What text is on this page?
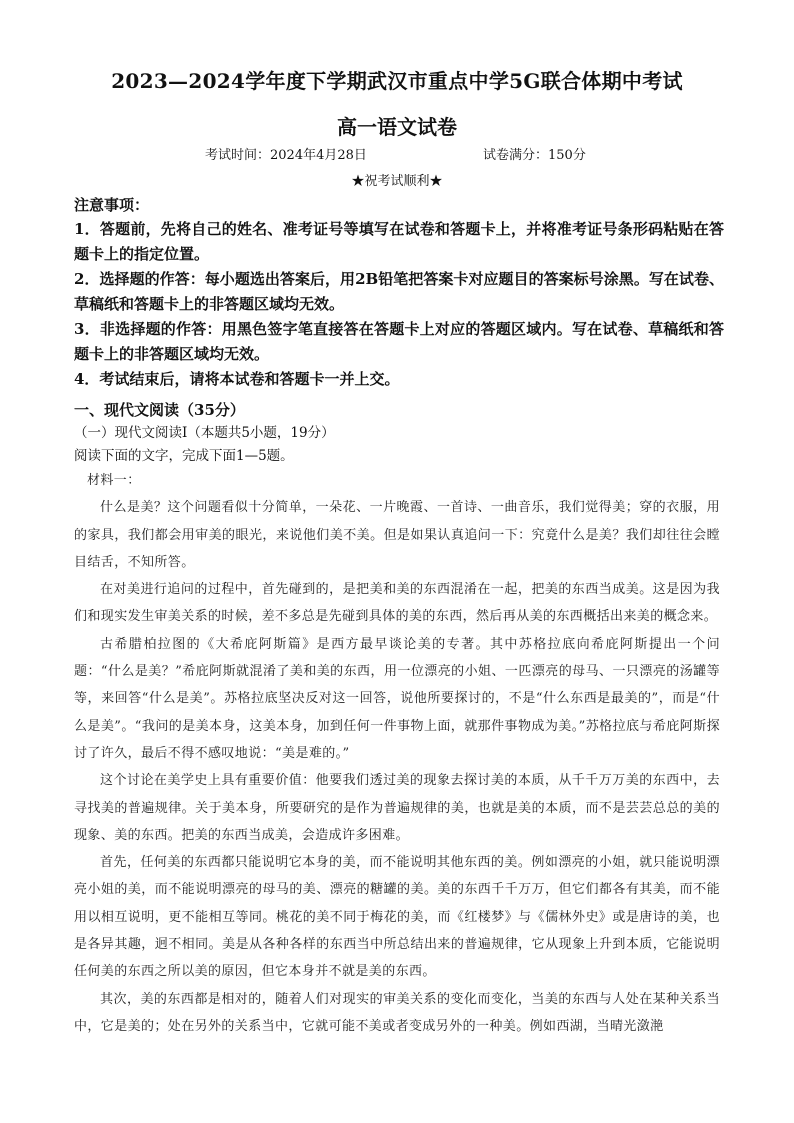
2023—2024学年度下学期武汉市重点中学5G联合体期中考试
高一语文试卷
考试时间：2024年4月28日	试卷满分：150分
★祝考试顺利★
注意事项：
1．答题前，先将自己的姓名、准考证号等填写在试卷和答题卡上，并将准考证号条形码粘贴在答题卡上的指定位置。
2．选择题的作答：每小题选出答案后，用2B铅笔把答案卡对应题目的答案标号涂黑。写在试卷、草稿纸和答题卡上的非答题区域均无效。
3．非选择题的作答：用黑色签字笔直接答在答题卡上对应的答题区域内。写在试卷、草稿纸和答题卡上的非答题区域均无效。
4．考试结束后，请将本试卷和答题卡一并上交。
一、现代文阅读（35分）
（一）现代文阅读Ⅰ（本题共5小题，19分）
阅读下面的文字，完成下面1—5题。

材料一：

什么是美？这个问题看似十分简单，一朵花、一片晚霞、一首诗、一曲音乐，我们觉得美；穿的衣服，用的家具，我们都会用审美的眼光，来说他们美不美。但是如果认真追问一下：究竟什么是美？我们却往往会瞠目结舌，不知所答。

在对美进行追问的过程中，首先碰到的，是把美和美的东西混淆在一起，把美的东西当成美。这是因为我们和现实发生审美关系的时候，差不多总是先碰到具体的美的东西，然后再从美的东西概括出来美的概念来。

古希腊柏拉图的《大希庇阿斯篇》是西方最早谈论美的专著。其中苏格拉底向希庇阿斯提出一个问题：“什么是美？”希庇阿斯就混淆了美和美的东西，用一位漂亮的小姐、一匹漂亮的母马、一只漂亮的汤罐等等，来回答“什么是美”。苏格拉底坚决反对这一回答，说他所要探讨的，不是“什么东西是最美的”，而是“什么是美”。“我问的是美本身，这美本身，加到任何一件事物上面，就那件事物成为美。”苏格拉底与希庇阿斯探讨了许久，最后不得不感叹地说：“美是难的。”

这个讨论在美学史上具有重要价值：他要我们透过美的现象去探讨美的本质，从千千万万美的东西中，去寻找美的普遍规律。关于美本身，所要研究的是作为普遍规律的美，也就是美的本质，而不是芸芸总总的美的现象、美的东西。把美的东西当成美，会造成许多困难。

首先，任何美的东西都只能说明它本身的美，而不能说明其他东西的美。例如漂亮的小姐，就只能说明漂亮小姐的美，而不能说明漂亮的母马的美、漂亮的糖罐的美。美的东西千千万万，但它们都各有其美，而不能用以相互说明，更不能相互等同。桃花的美不同于梅花的美，而《红楼梦》与《儒林外史》或是唐诗的美，也是各异其趣，迥不相同。美是从各种各样的东西当中所总结出来的普遍规律，它从现象上升到本质，它能说明任何美的东西之所以美的原因，但它本身并不就是美的东西。

其次，美的东西都是相对的，随着人们对现实的审美关系的变化而变化，当美的东西与人处在某种关系当中，它是美的；处在另外的关系当中，它就可能不美或者变成另外的一种美。例如西湖，当晴光潋滟
